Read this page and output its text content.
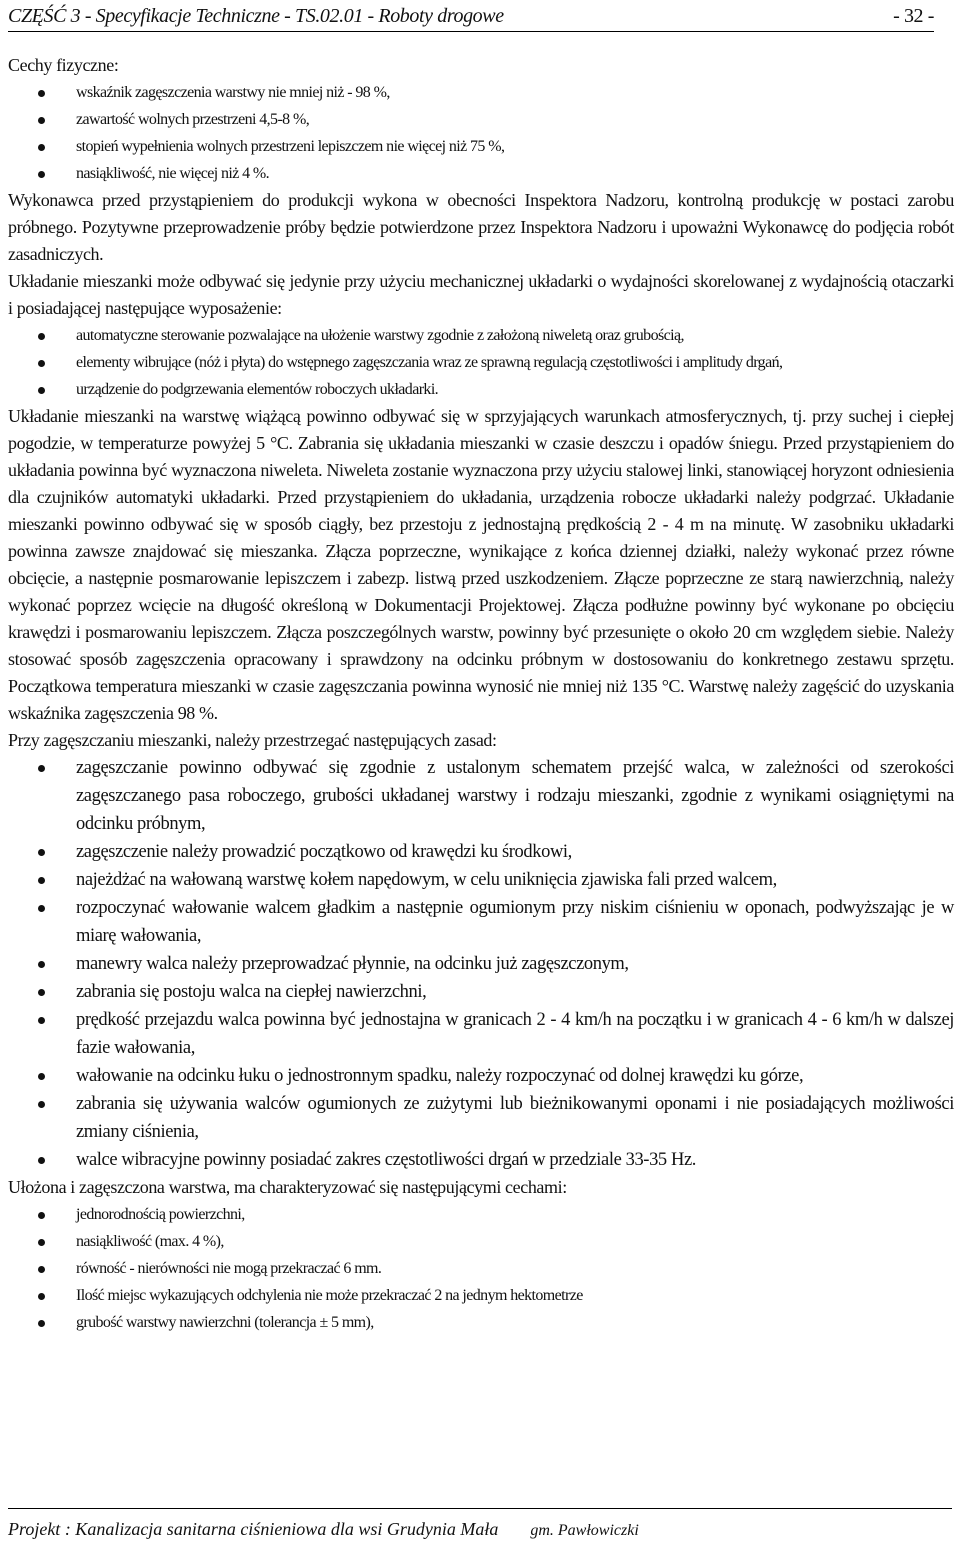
CZĘŚĆ 3 - Specyfikacje Techniczne - TS.02.01 - Roboty drogowe	- 32 -

Cechy fizyczne:

wskaźnik zagęszczenia warstwy nie mniej niż - 98 %,
zawartość wolnych przestrzeni 4,5-8 %,
stopień wypełnienia wolnych przestrzeni lepiszczem nie więcej niż 75 %,
nasiąkliwość, nie więcej niż 4 %.

Wykonawca przed przystąpieniem do produkcji wykona w obecności Inspektora Nadzoru, kontrolną produkcję w postaci zarobu próbnego. Pozytywne przeprowadzenie próby będzie potwierdzone przez Inspektora Nadzoru i upoważni Wykonawcę do podjęcia robót zasadniczych.

Układanie mieszanki może odbywać się jedynie przy użyciu mechanicznej układarki o wydajności skorelowanej z wydajnością otaczarki i posiadającej następujące wyposażenie:

automatyczne sterowanie pozwalające na ułożenie warstwy zgodnie z założoną niweletą oraz grubością,
elementy wibrujące (nóż i płyta) do wstępnego zagęszczania wraz ze sprawną regulacją częstotliwości i amplitudy drgań,
urządzenie do podgrzewania elementów roboczych układarki.

Układanie mieszanki na warstwę wiążącą powinno odbywać się w sprzyjających warunkach atmosferycznych, tj. przy suchej i ciepłej pogodzie, w temperaturze powyżej 5 °C. Zabrania się układania mieszanki w czasie deszczu i opadów śniegu. Przed przystąpieniem do układania powinna być wyznaczona niweleta. Niweleta zostanie wyznaczona przy użyciu stalowej linki, stanowiącej horyzont odniesienia dla czujników automatyki układarki. Przed przystąpieniem do układania, urządzenia robocze układarki należy podgrzać. Układanie mieszanki powinno odbywać się w sposób ciągły, bez przestoju z jednostajną prędkością 2 - 4 m na minutę. W zasobniku układarki powinna zawsze znajdować się mieszanka. Złącza poprzeczne, wynikające z końca dziennej działki, należy wykonać przez równe obcięcie, a następnie posmarowanie lepiszczem i zabezp. listwą przed uszkodzeniem. Złącze poprzeczne ze starą nawierzchnią, należy wykonać poprzez wcięcie na długość określoną w Dokumentacji Projektowej. Złącza podłużne powinny być wykonane po obcięciu krawędzi i posmarowaniu lepiszczem. Złącza poszczególnych warstw, powinny być przesunięte o około 20 cm względem siebie. Należy stosować sposób zagęszczenia opracowany i sprawdzony na odcinku próbnym w dostosowaniu do konkretnego zestawu sprzętu. Początkowa temperatura mieszanki w czasie zagęszczania powinna wynosić nie mniej niż 135 °C. Warstwę należy zagęścić do uzyskania wskaźnika zagęszczenia 98 %.

Przy zagęszczaniu mieszanki, należy przestrzegać następujących zasad:

zagęszczanie powinno odbywać się zgodnie z ustalonym schematem przejść walca, w zależności od szerokości zagęszczanego pasa roboczego, grubości układanej warstwy i rodzaju mieszanki, zgodnie z wynikami osiągniętymi na odcinku próbnym,
zagęszczenie należy prowadzić początkowo od krawędzi ku środkowi,
najeżdżać na wałowaną warstwę kołem napędowym, w celu uniknięcia zjawiska fali przed walcem,
rozpoczynać wałowanie walcem gładkim a następnie ogumionym przy niskim ciśnieniu w oponach, podwyższając je w miarę wałowania,
manewry walca należy przeprowadzać płynnie, na odcinku już zagęszczonym,
zabrania się postoju walca na ciepłej nawierzchni,
prędkość przejazdu walca powinna być jednostajna w granicach 2 - 4 km/h na początku i w granicach 4 - 6 km/h w dalszej fazie wałowania,
wałowanie na odcinku łuku o jednostronnym spadku, należy rozpoczynać od dolnej krawędzi ku górze,
zabrania się używania walców ogumionych ze zużytymi lub bieżnikowanymi oponami i nie posiadających możliwości zmiany ciśnienia,
walce wibracyjne powinny posiadać zakres częstotliwości drgań w przedziale 33-35 Hz.

Ułożona i zagęszczona warstwa, ma charakteryzować się następującymi cechami:

jednorodnością powierzchni,
nasiąkliwość (max. 4 %),
równość - nierówności nie mogą przekraczać 6 mm.
Ilość miejsc wykazujących odchylenia nie może przekraczać 2 na jednym hektometrze
grubość warstwy nawierzchni (tolerancja ± 5 mm),
Projekt : Kanalizacja sanitarna ciśnieniowa dla wsi Grudynia Mała gm. Pawłowiczki
